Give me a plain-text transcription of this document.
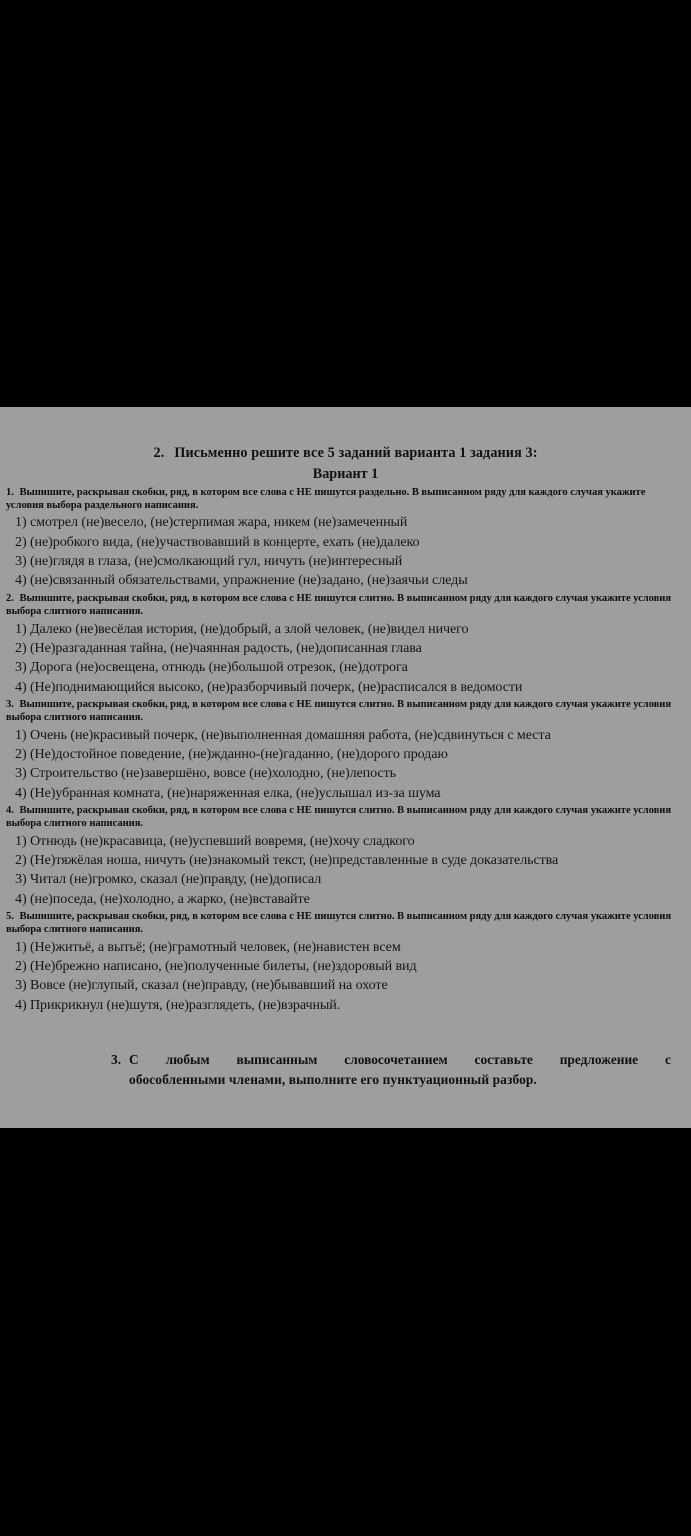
2. Письменно решите все 5 заданий варианта 1 задания 3:

Вариант 1

1. Выпишите, раскрывая скобки, ряд, в котором все слова с НЕ пишутся раздельно. В выписанном ряду для каждого случая укажите условия выбора раздельного написания.

1) смотрел (не)весело, (не)стерпимая жара, никем (не)замеченный

2) (не)робкого вида, (не)участвовавший в концерте, ехать (не)далеко

3) (не)глядя в глаза, (не)смолкающий гул, ничуть (не)интересный

4) (не)связанный обязательствами, упражнение (не)задано, (не)заячьи следы

2. Выпишите, раскрывая скобки, ряд, в котором все слова с НЕ пишутся слитно. В выписанном ряду для каждого случая укажите условия выбора слитного написания.

1) Далеко (не)весёлая история, (не)добрый, а злой человек, (не)видел ничего

2) (Не)разгаданная тайна, (не)чаянная радость, (не)дописанная глава

3) Дорога (не)освещена, отнюдь (не)большой отрезок, (не)дотрога

4) (Не)поднимающийся высоко, (не)разборчивый почерк, (не)расписался в ведомости

3. Выпишите, раскрывая скобки, ряд, в котором все слова с НЕ пишутся слитно. В выписанном ряду для каждого случая укажите условия выбора слитного написания.

1) Очень (не)красивый почерк, (не)выполненная домашняя работа, (не)сдвинуться с места

2) (Не)достойное поведение, (не)жданно-(не)гаданно, (не)дорого продаю

3) Строительство (не)завершёно, вовсе (не)холодно, (не)лепость

4) (Не)убранная комната, (не)наряженная елка, (не)услышал из-за шума

4. Выпишите, раскрывая скобки, ряд, в котором все слова с НЕ пишутся слитно. В выписанном ряду для каждого случая укажите условия выбора слитного написания.

1) Отнюдь (не)красавица, (не)успевший вовремя, (не)хочу сладкого

2) (Не)тяжёлая ноша, ничуть (не)знакомый текст, (не)представленные в суде доказательства

3) Читал (не)громко, сказал (не)правду, (не)дописал

4) (не)поседа, (не)холодно, а жарко, (не)вставайте

5. Выпишите, раскрывая скобки, ряд, в котором все слова с НЕ пишутся слитно. В выписанном ряду для каждого случая укажите условия выбора слитного написания.

1) (Не)житьё, а вытьё; (не)грамотный человек, (не)навистен всем

2) (Не)брежно написано, (не)полученные билеты, (не)здоровый вид

3) Вовсе (не)глупый, сказал (не)правду, (не)бывавший на охоте

4) Прикрикнул (не)шутя, (не)разглядеть, (не)взрачный.

3. С любым выписанным словосочетанием составьте предложение с
обособленными членами, выполните его пунктуационный разбор.
